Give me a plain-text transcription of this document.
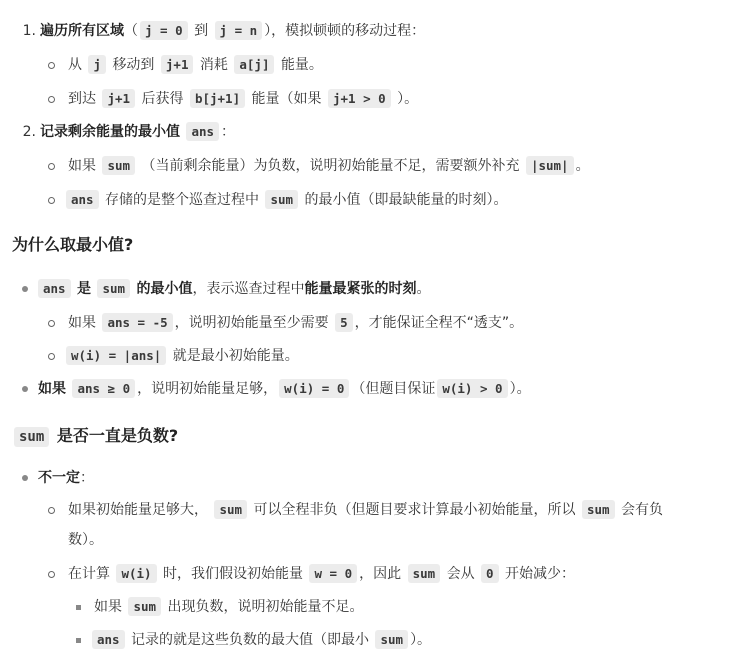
1. 遍历所有区域（ j = 0 到 j = n ），模拟顿顿的移动过程：
从 j 移动到 j+1 消耗 a[j] 能量。
到达 j+1 后获得 b[j+1] 能量（如果 j+1 > 0 ）。
2. 记录剩余能量的最小值 ans ：
如果 sum （当前剩余能量）为负数，说明初始能量不足，需要额外补充 |sum| 。
ans 存储的是整个巡查过程中 sum 的最小值（即最缺能量的时刻）。
为什么取最小值?
ans 是 sum 的最小值，表示巡查过程中能量最紧张的时刻。
如果 ans = -5 ，说明初始能量至少需要 5 ，才能保证全程不“透支”。
w(i) = |ans| 就是最小初始能量。
如果 ans ≥ 0 ，说明初始能量足够， w(i) = 0 （但题目保证 w(i) > 0 ）。
sum 是否一直是负数?
不一定：
如果初始能量足够大， sum 可以全程非负（但题目要求计算最小初始能量，所以 sum 会有负
数）。
在计算 w(i) 时，我们假设初始能量 w = 0 ，因此 sum 会从 0 开始减少：
如果 sum 出现负数，说明初始能量不足。
ans 记录的就是这些负数的最大值（即最小 sum ）。
